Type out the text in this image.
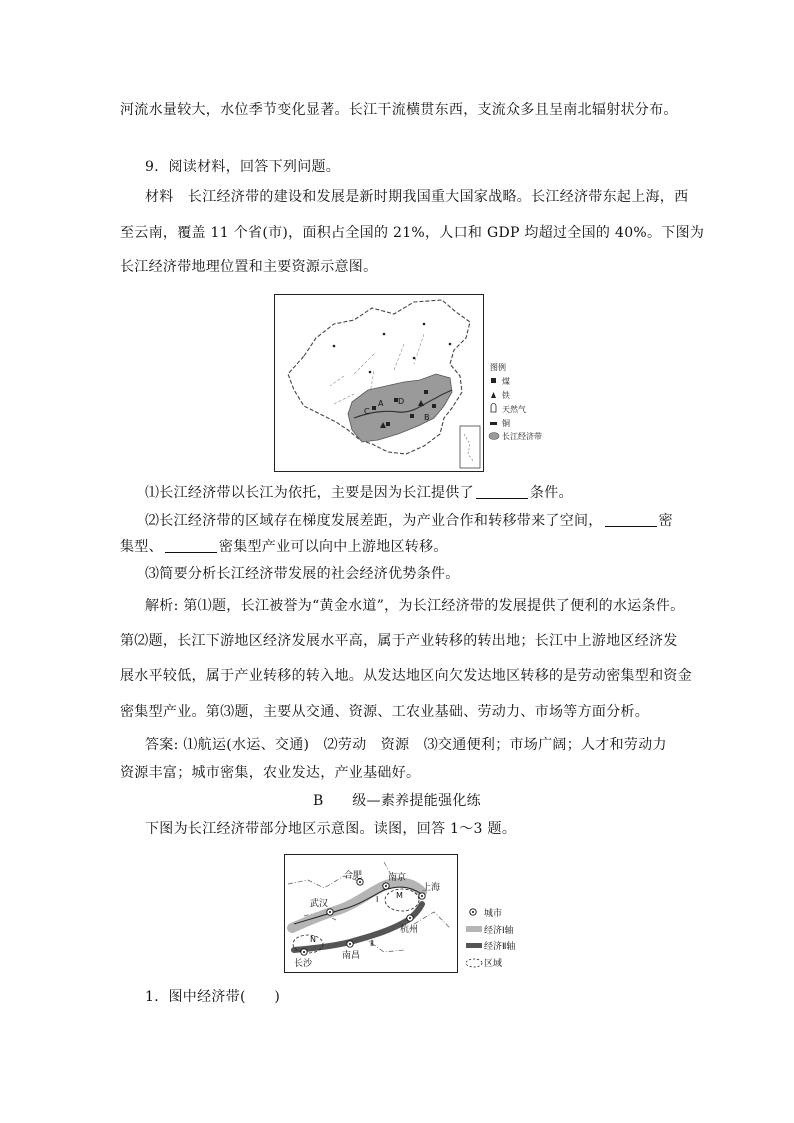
河流水量较大，水位季节变化显著。长江干流横贯东西，支流众多且呈南北辐射状分布。
9．阅读材料，回答下列问题。
材料　长江经济带的建设和发展是新时期我国重大国家战略。长江经济带东起上海，西
至云南，覆盖 11 个省(市)，面积占全国的 21%，人口和 GDP 均超过全国的 40%。下图为
长江经济带地理位置和主要资源示意图。
A
B
C
D
图例
煤
铁
天然气
铜
长江经济带
⑴长江经济带以长江为依托，主要是因为长江提供了	条件。
⑵长江经济带的区域存在梯度发展差距，为产业合作和转移带来了空间，	密
集型、	密集型产业可以向中上游地区转移。
⑶简要分析长江经济带发展的社会经济优势条件。
解析: 第⑴题，长江被誉为“黄金水道”，为长江经济带的发展提供了便利的水运条件。
第⑵题，长江下游地区经济发展水平高，属于产业转移的转出地；长江中上游地区经济发
展水平较低，属于产业转移的转入地。从发达地区向欠发达地区转移的是劳动密集型和资金
密集型产业。第⑶题，主要从交通、资源、工农业基础、劳动力、市场等方面分析。
答案: ⑴航运(水运、交通)　⑵劳动　资源　⑶交通便利；市场广阔；人才和劳动力
资源丰富；城市密集，农业发达，产业基础好。
B　　级—素养提能强化练
下图为长江经济带部分地区示意图。读图，回答 1～3 题。
合肥	南京
上海
武汉
杭州
长沙
南昌
M
N
Ⅰ
Ⅱ
城市
经济Ⅰ轴
经济Ⅱ轴
区域
1．图中经济带(　　)
